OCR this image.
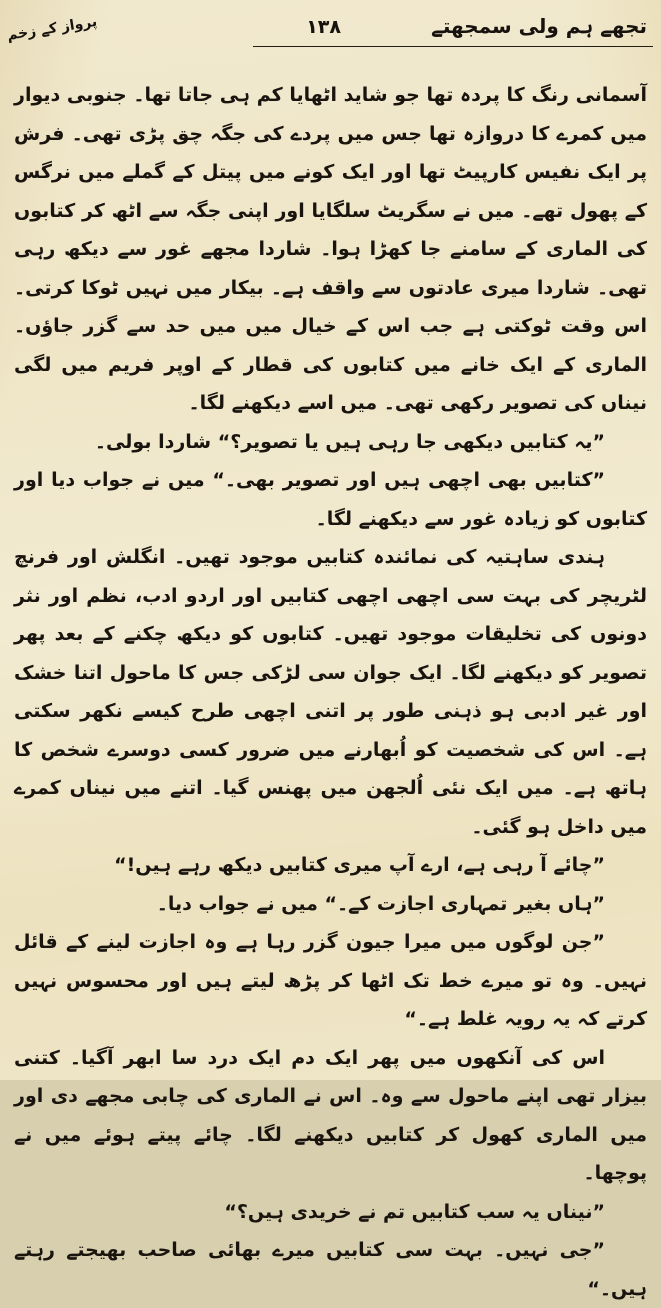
تجھے ہم ولی سمجھتے
۱۳۸
پرواز کے زخم

آسمانی رنگ کا پردہ تھا جو شاید اٹھایا کم ہی جاتا تھا۔ جنوبی دیوار میں کمرے کا دروازہ تھا جس میں پردے کی جگہ چق پڑی تھی۔ فرش پر ایک نفیس کارپیٹ تھا اور ایک کونے میں پیتل کے گملے میں نرگس کے پھول تھے۔ میں نے سگریٹ سلگایا اور اپنی جگہ سے اٹھ کر کتابوں کی الماری کے سامنے جا کھڑا ہوا۔ شاردا مجھے غور سے دیکھ رہی تھی۔ شاردا میری عادتوں سے واقف ہے۔ بیکار میں نہیں ٹوکا کرتی۔ اس وقت ٹوکتی ہے جب اس کے خیال میں میں حد سے گزر جاؤں۔ الماری کے ایک خانے میں کتابوں کی قطار کے اوپر فریم میں لگی نیناں کی تصویر رکھی تھی۔ میں اسے دیکھنے لگا۔

”یہ کتابیں دیکھی جا رہی ہیں یا تصویر؟“ شاردا بولی۔

”کتابیں بھی اچھی ہیں اور تصویر بھی۔“ میں نے جواب دیا اور کتابوں کو زیادہ غور سے دیکھنے لگا۔

ہندی ساہتیہ کی نمائندہ کتابیں موجود تھیں۔ انگلش اور فرنچ لٹریچر کی بہت سی اچھی اچھی کتابیں اور اردو ادب، نظم اور نثر دونوں کی تخلیقات موجود تھیں۔ کتابوں کو دیکھ چکنے کے بعد پھر تصویر کو دیکھنے لگا۔ ایک جوان سی لڑکی جس کا ماحول اتنا خشک اور غیر ادبی ہو ذہنی طور پر اتنی اچھی طرح کیسے نکھر سکتی ہے۔ اس کی شخصیت کو اُبھارنے میں ضرور کسی دوسرے شخص کا ہاتھ ہے۔ میں ایک نئی اُلجھن میں پھنس گیا۔ اتنے میں نیناں کمرے میں داخل ہو گئی۔

”چائے آ رہی ہے، ارے آپ میری کتابیں دیکھ رہے ہیں!“

”ہاں بغیر تمہاری اجازت کے۔“ میں نے جواب دیا۔

”جن لوگوں میں میرا جیون گزر رہا ہے وہ اجازت لینے کے قائل نہیں۔ وہ تو میرے خط تک اٹھا کر پڑھ لیتے ہیں اور محسوس نہیں کرتے کہ یہ رویہ غلط ہے۔“

اس کی آنکھوں میں پھر ایک دم ایک درد سا ابھر آگیا۔ کتنی بیزار تھی اپنے ماحول سے وہ۔ اس نے الماری کی چابی مجھے دی اور میں الماری کھول کر کتابیں دیکھنے لگا۔ چائے پیتے ہوئے میں نے پوچھا۔

”نیناں یہ سب کتابیں تم نے خریدی ہیں؟“

”جی نہیں۔ بہت سی کتابیں میرے بھائی صاحب بھیجتے رہتے ہیں۔“
